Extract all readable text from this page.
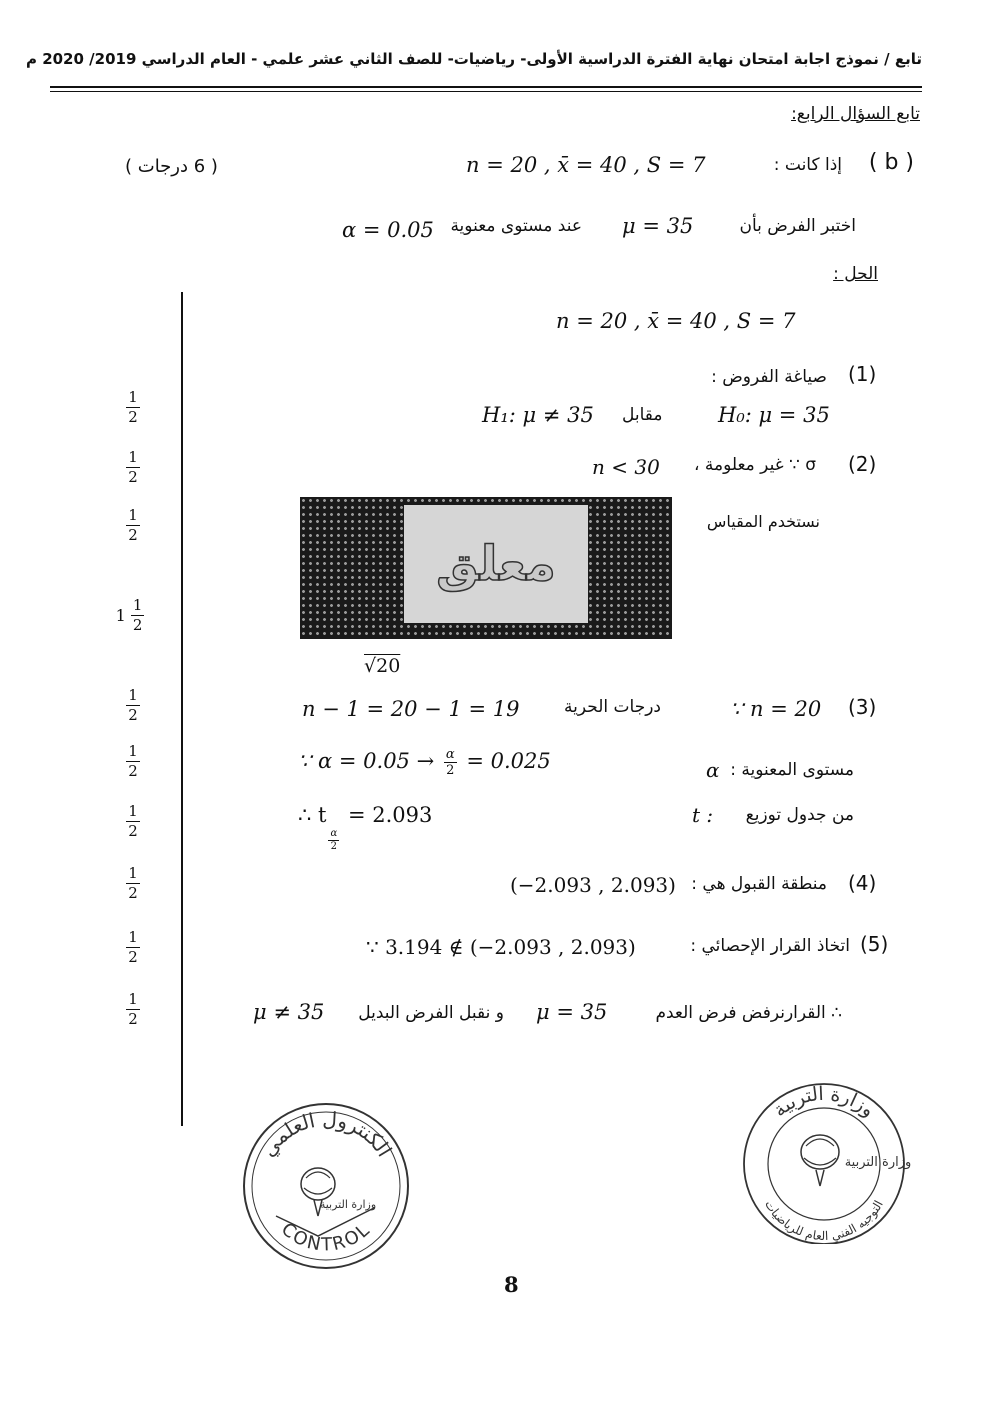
تابع / نموذج اجابة امتحان نهاية الفترة الدراسية الأولى- رياضيات- للصف الثاني عشر علمي - العام الدراسي 2019/ 2020 م
تابع السؤال الرابع:
( b )
إذا كانت :
n = 20 , x̄ = 40 , S = 7
( 6 درجات )
اختبر الفرض بأن
μ = 35
عند مستوى معنوية
α = 0.05
الحل :
n = 20 , x̄ = 40 , S = 7
(1)
صياغة الفروض :
H₀: μ = 35
مقابل
H₁: μ ≠ 35
(2)
σ ∵ غير معلومة ،
n < 30
نستخدم المقياس
معلق
√20
(3)
∵ n = 20
درجات الحرية
n − 1 = 20 − 1 = 19
مستوى المعنوية :
α
∵ $\alpha = 0.05 \to \frac{\alpha}{2} = 0.025$
من جدول توزيع
t :
∴ t
$\frac{\alpha}{2}$
= 2.093
(4)
منطقة القبول هي :
(−2.093 , 2.093)
(5)
اتخاذ القرار الإحصائي :
∵ 3.194 ∉ (−2.093 , 2.093)
∴ القرارنرفض فرض العدم
μ = 35
و نقبل الفرض البديل
μ ≠ 35
$\frac{1}{2}$
$\frac{1}{2}$
$\frac{1}{2}$
$1 \frac{1}{2}$
$\frac{1}{2}$
$\frac{1}{2}$
$\frac{1}{2}$
$\frac{1}{2}$
$\frac{1}{2}$
$\frac{1}{2}$
الكنترول العلمي
CONTROL
وزارة التربية
وزارة التربية
التوجيه الفني العام للرياضيات
وزارة التربية
8
